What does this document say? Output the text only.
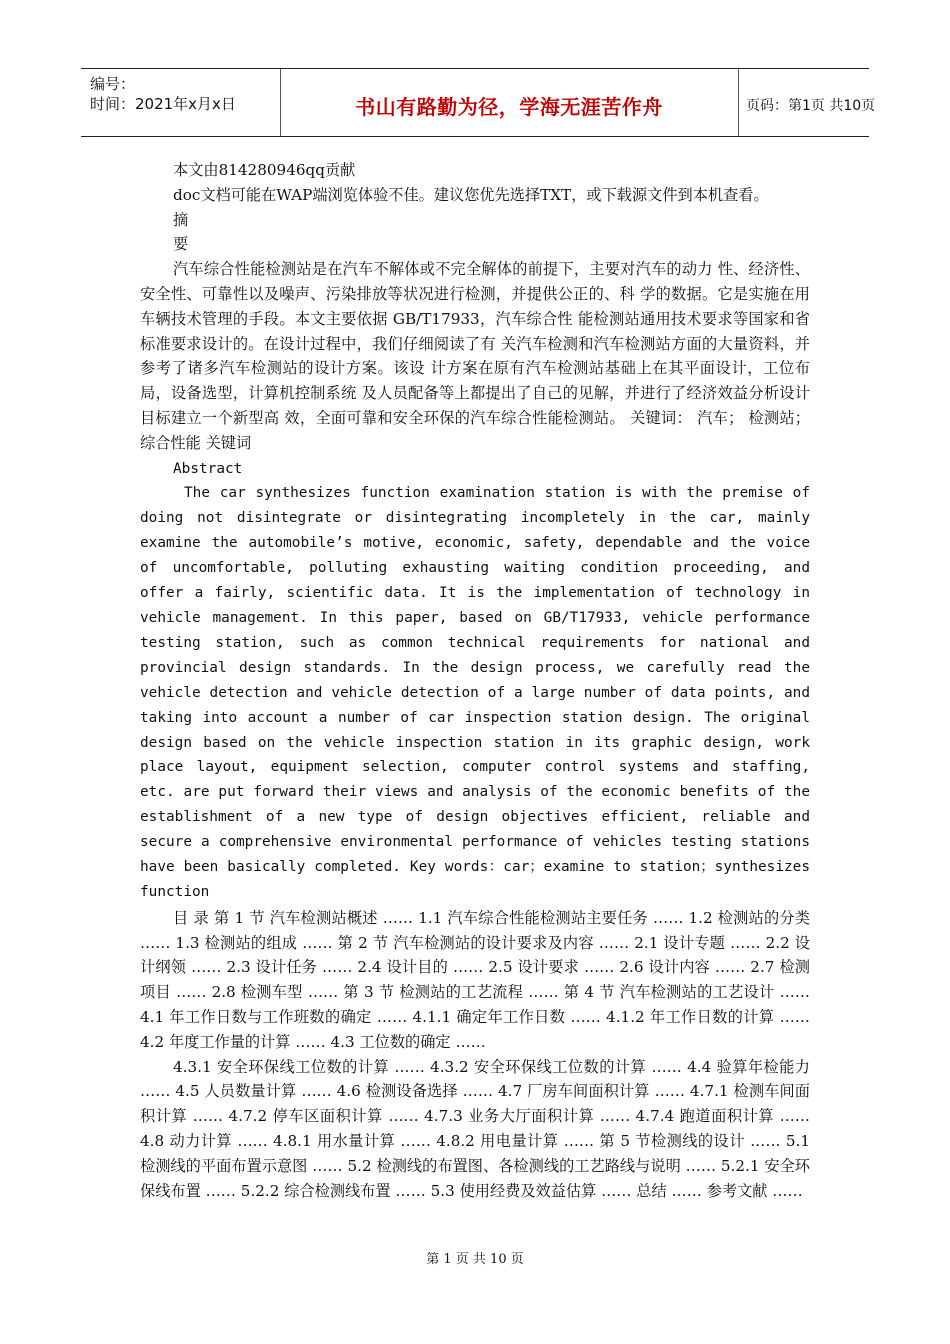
编号：
时间：2021年x月x日	书山有路勤为径，学海无涯苦作舟	页码：第1页 共10页

本文由814280946qq贡献

doc文档可能在WAP端浏览体验不佳。建议您优先选择TXT，或下载源文件到本机查看。

摘

要

汽车综合性能检测站是在汽车不解体或不完全解体的前提下，主要对汽车的动力 性、经济性、安全性、可靠性以及噪声、污染排放等状况进行检测，并提供公正的、科 学的数据。它是实施在用车辆技术管理的手段。本文主要依据 GB/T17933，汽车综合性 能检测站通用技术要求等国家和省标准要求设计的。在设计过程中，我们仔细阅读了有 关汽车检测和汽车检测站方面的大量资料，并参考了诸多汽车检测站的设计方案。该设 计方案在原有汽车检测站基础上在其平面设计，工位布局，设备选型，计算机控制系统 及人员配备等上都提出了自己的见解，并进行了经济效益分析设计目标建立一个新型高 效，全面可靠和安全环保的汽车综合性能检测站。 关键词： 汽车； 检测站； 综合性能 关键词

Abstract

The car synthesizes function examination station is with the premise of doing not disintegrate or disintegrating incompletely in the car, mainly examine the automobile’s motive, economic, safety, dependable and the voice of uncomfortable, polluting exhausting waiting condition proceeding, and offer a fairly, scientific data. It is the implementation of technology in vehicle management. In this paper, based on GB/T17933, vehicle performance testing station, such as common technical requirements for national and provincial design standards. In the design process, we carefully read the vehicle detection and vehicle detection of a large number of data points, and taking into account a number of car inspection station design. The original design based on the vehicle inspection station in its graphic design, work place layout, equipment selection, computer control systems and staffing, etc. are put forward their views and analysis of the economic benefits of the establishment of a new type of design objectives efficient, reliable and secure a comprehensive environmental performance of vehicles testing stations have been basically completed. Key words：car；examine to station；synthesizes function

目 录 第 1 节 汽车检测站概述 …… 1.1 汽车综合性能检测站主要任务 …… 1.2 检测站的分类 …… 1.3 检测站的组成 …… 第 2 节 汽车检测站的设计要求及内容 …… 2.1 设计专题 …… 2.2 设计纲领 …… 2.3 设计任务 …… 2.4 设计目的 …… 2.5 设计要求 …… 2.6 设计内容 …… 2.7 检测项目 …… 2.8 检测车型 …… 第 3 节 检测站的工艺流程 …… 第 4 节 汽车检测站的工艺设计 …… 4.1 年工作日数与工作班数的确定 …… 4.1.1 确定年工作日数 …… 4.1.2 年工作日数的计算 …… 4.2 年度工作量的计算 …… 4.3 工位数的确定 ……

4.3.1 安全环保线工位数的计算 …… 4.3.2 安全环保线工位数的计算 …… 4.4 验算年检能力 …… 4.5 人员数量计算 …… 4.6 检测设备选择 …… 4.7 厂房车间面积计算 …… 4.7.1 检测车间面积计算 …… 4.7.2 停车区面积计算 …… 4.7.3 业务大厅面积计算 …… 4.7.4 跑道面积计算 …… 4.8 动力计算 …… 4.8.1 用水量计算 …… 4.8.2 用电量计算 …… 第 5 节检测线的设计 …… 5.1 检测线的平面布置示意图 …… 5.2 检测线的布置图、各检测线的工艺路线与说明 …… 5.2.1 安全环保线布置 …… 5.2.2 综合检测线布置 …… 5.3 使用经费及效益估算 …… 总结 …… 参考文献 ……

第 1 页 共 10 页
